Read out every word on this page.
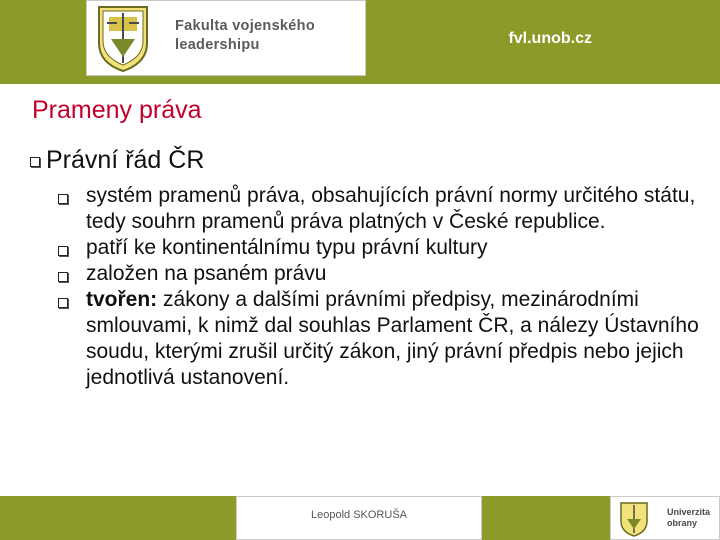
Fakulta vojenského
leadershipu	fvl.unob.cz
Prameny práva
Právní řád ČR
systém pramenů práva, obsahujících právní normy určitého státu, tedy souhrn pramenů práva platných v České republice.
patří ke kontinentálnímu typu právní kultury
založen na psaném právu
tvořen: zákony a dalšími právními předpisy, mezinárodními smlouvami, k nimž dal souhlas Parlament ČR, a nálezy Ústavního soudu, kterými zrušil určitý zákon, jiný právní předpis nebo jejich jednotlivá ustanovení.
Leopold SKORUŠA	Univerzita
obrany
